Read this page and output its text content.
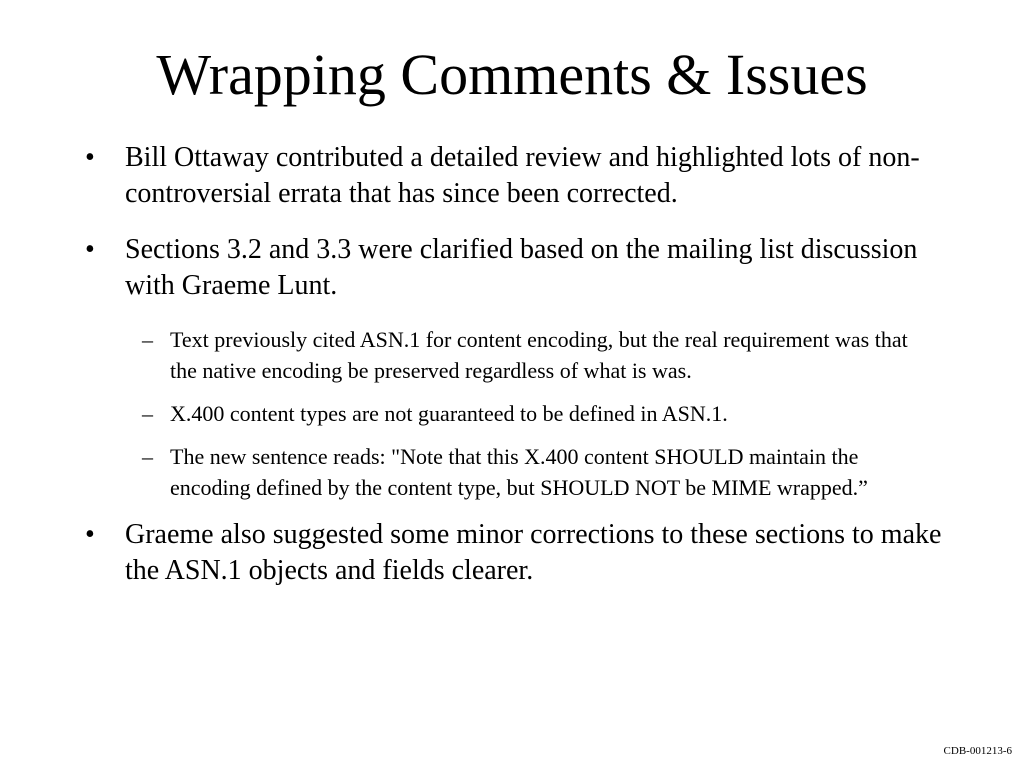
Wrapping Comments & Issues
•	Bill Ottaway contributed a detailed review and highlighted lots of non-controversial errata that has since been corrected.
•	Sections 3.2 and 3.3 were clarified based on the mailing list discussion with Graeme Lunt.
– Text previously cited ASN.1 for content encoding, but the real requirement was that the native encoding be preserved regardless of what is was.
– X.400 content types are not guaranteed to be defined in ASN.1.
– The new sentence reads: "Note that this X.400 content SHOULD maintain the encoding defined by the content type, but SHOULD NOT be MIME wrapped.”
•	Graeme also suggested some minor corrections to these sections to make the ASN.1 objects and fields clearer.
CDB-001213-6
